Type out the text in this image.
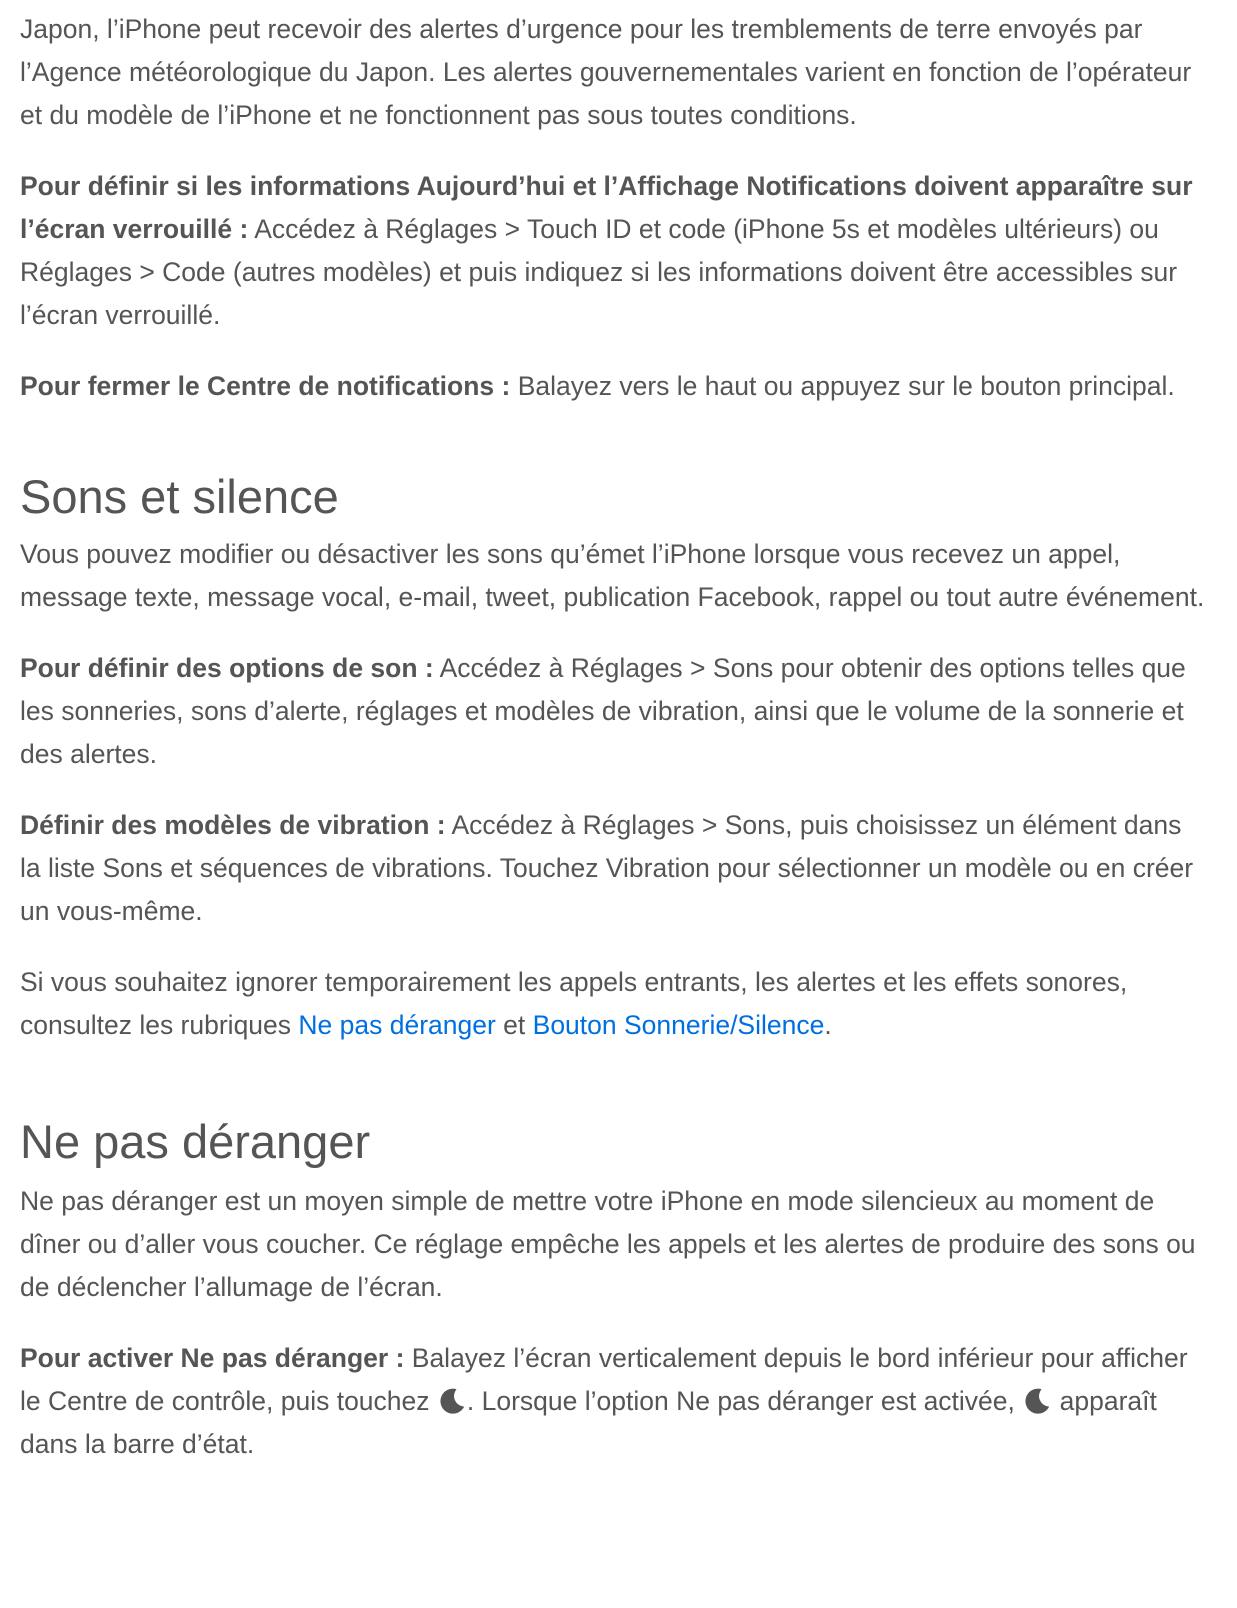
Japon, l’iPhone peut recevoir des alertes d’urgence pour les tremblements de terre envoyés par l’Agence météorologique du Japon. Les alertes gouvernementales varient en fonction de l’opérateur et du modèle de l’iPhone et ne fonctionnent pas sous toutes conditions.

Pour définir si les informations Aujourd’hui et l’Affichage Notifications doivent apparaître sur l’écran verrouillé : Accédez à Réglages > Touch ID et code (iPhone 5s et modèles ultérieurs) ou Réglages > Code (autres modèles) et puis indiquez si les informations doivent être accessibles sur l’écran verrouillé.

Pour fermer le Centre de notifications : Balayez vers le haut ou appuyez sur le bouton principal.

Sons et silence

Vous pouvez modifier ou désactiver les sons qu’émet l’iPhone lorsque vous recevez un appel, message texte, message vocal, e-mail, tweet, publication Facebook, rappel ou tout autre événement.

Pour définir des options de son : Accédez à Réglages > Sons pour obtenir des options telles que les sonneries, sons d’alerte, réglages et modèles de vibration, ainsi que le volume de la sonnerie et des alertes.

Définir des modèles de vibration : Accédez à Réglages > Sons, puis choisissez un élément dans la liste Sons et séquences de vibrations. Touchez Vibration pour sélectionner un modèle ou en créer un vous-même.

Si vous souhaitez ignorer temporairement les appels entrants, les alertes et les effets sonores, consultez les rubriques Ne pas déranger et Bouton Sonnerie/Silence.

Ne pas déranger

Ne pas déranger est un moyen simple de mettre votre iPhone en mode silencieux au moment de dîner ou d’aller vous coucher. Ce réglage empêche les appels et les alertes de produire des sons ou de déclencher l’allumage de l’écran.

Pour activer Ne pas déranger : Balayez l’écran verticalement depuis le bord inférieur pour afficher le Centre de contrôle, puis touchez
. Lorsque l’option Ne pas déranger est activée,
apparaît dans la barre d’état.
